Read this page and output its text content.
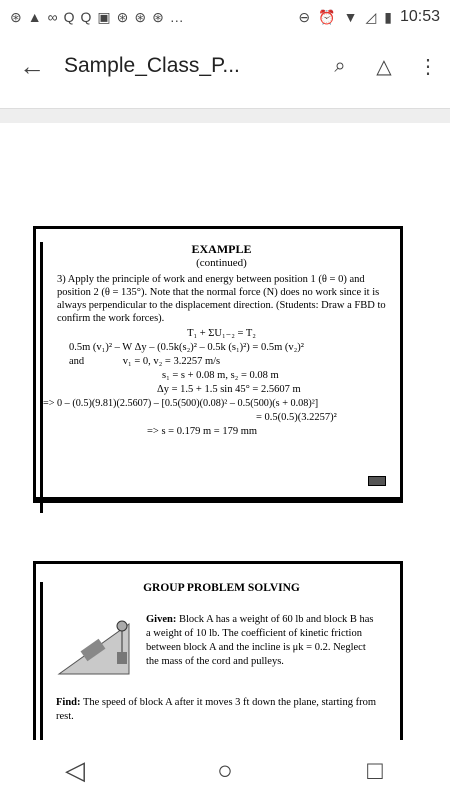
⊛ ▲ ∞ Q Q ▣ ⊛ ⊛ ⊛ …	⊖ ⏰ ▼ ◿ ▮ 10:53
← Sample_Class_P...	⌕	△	⋮
EXAMPLE
(continued)
3) Apply the principle of work and energy between position 1 (θ = 0) and position 2 (θ = 135°). Note that the normal force (N) does no work since it is always perpendicular to the displacement direction. (Students: Draw a FBD to confirm the work forces).
T₁ + ΣU₁₋₂ = T₂
0.5m (v₁)² – W Δy – (0.5k(s₂)² – 0.5k (s₁)²) = 0.5m (v₂)²
and	v₁ = 0, v₂ = 3.2257 m/s
s₁ = s + 0.08 m, s₂ = 0.08 m
Δy = 1.5 + 1.5 sin 45° = 2.5607 m
=> 0 – (0.5)(9.81)(2.5607) – [0.5(500)(0.08)² – 0.5(500)(s + 0.08)²]
= 0.5(0.5)(3.2257)²
=> s = 0.179 m = 179 mm
GROUP PROBLEM SOLVING
Given: Block A has a weight of 60 lb and block B has a weight of 10 lb. The coefficient of kinetic friction between block A and the incline is μk = 0.2. Neglect the mass of the cord and pulleys.
Find: The speed of block A after it moves 3 ft down the plane, starting from rest.
◁	○	□
